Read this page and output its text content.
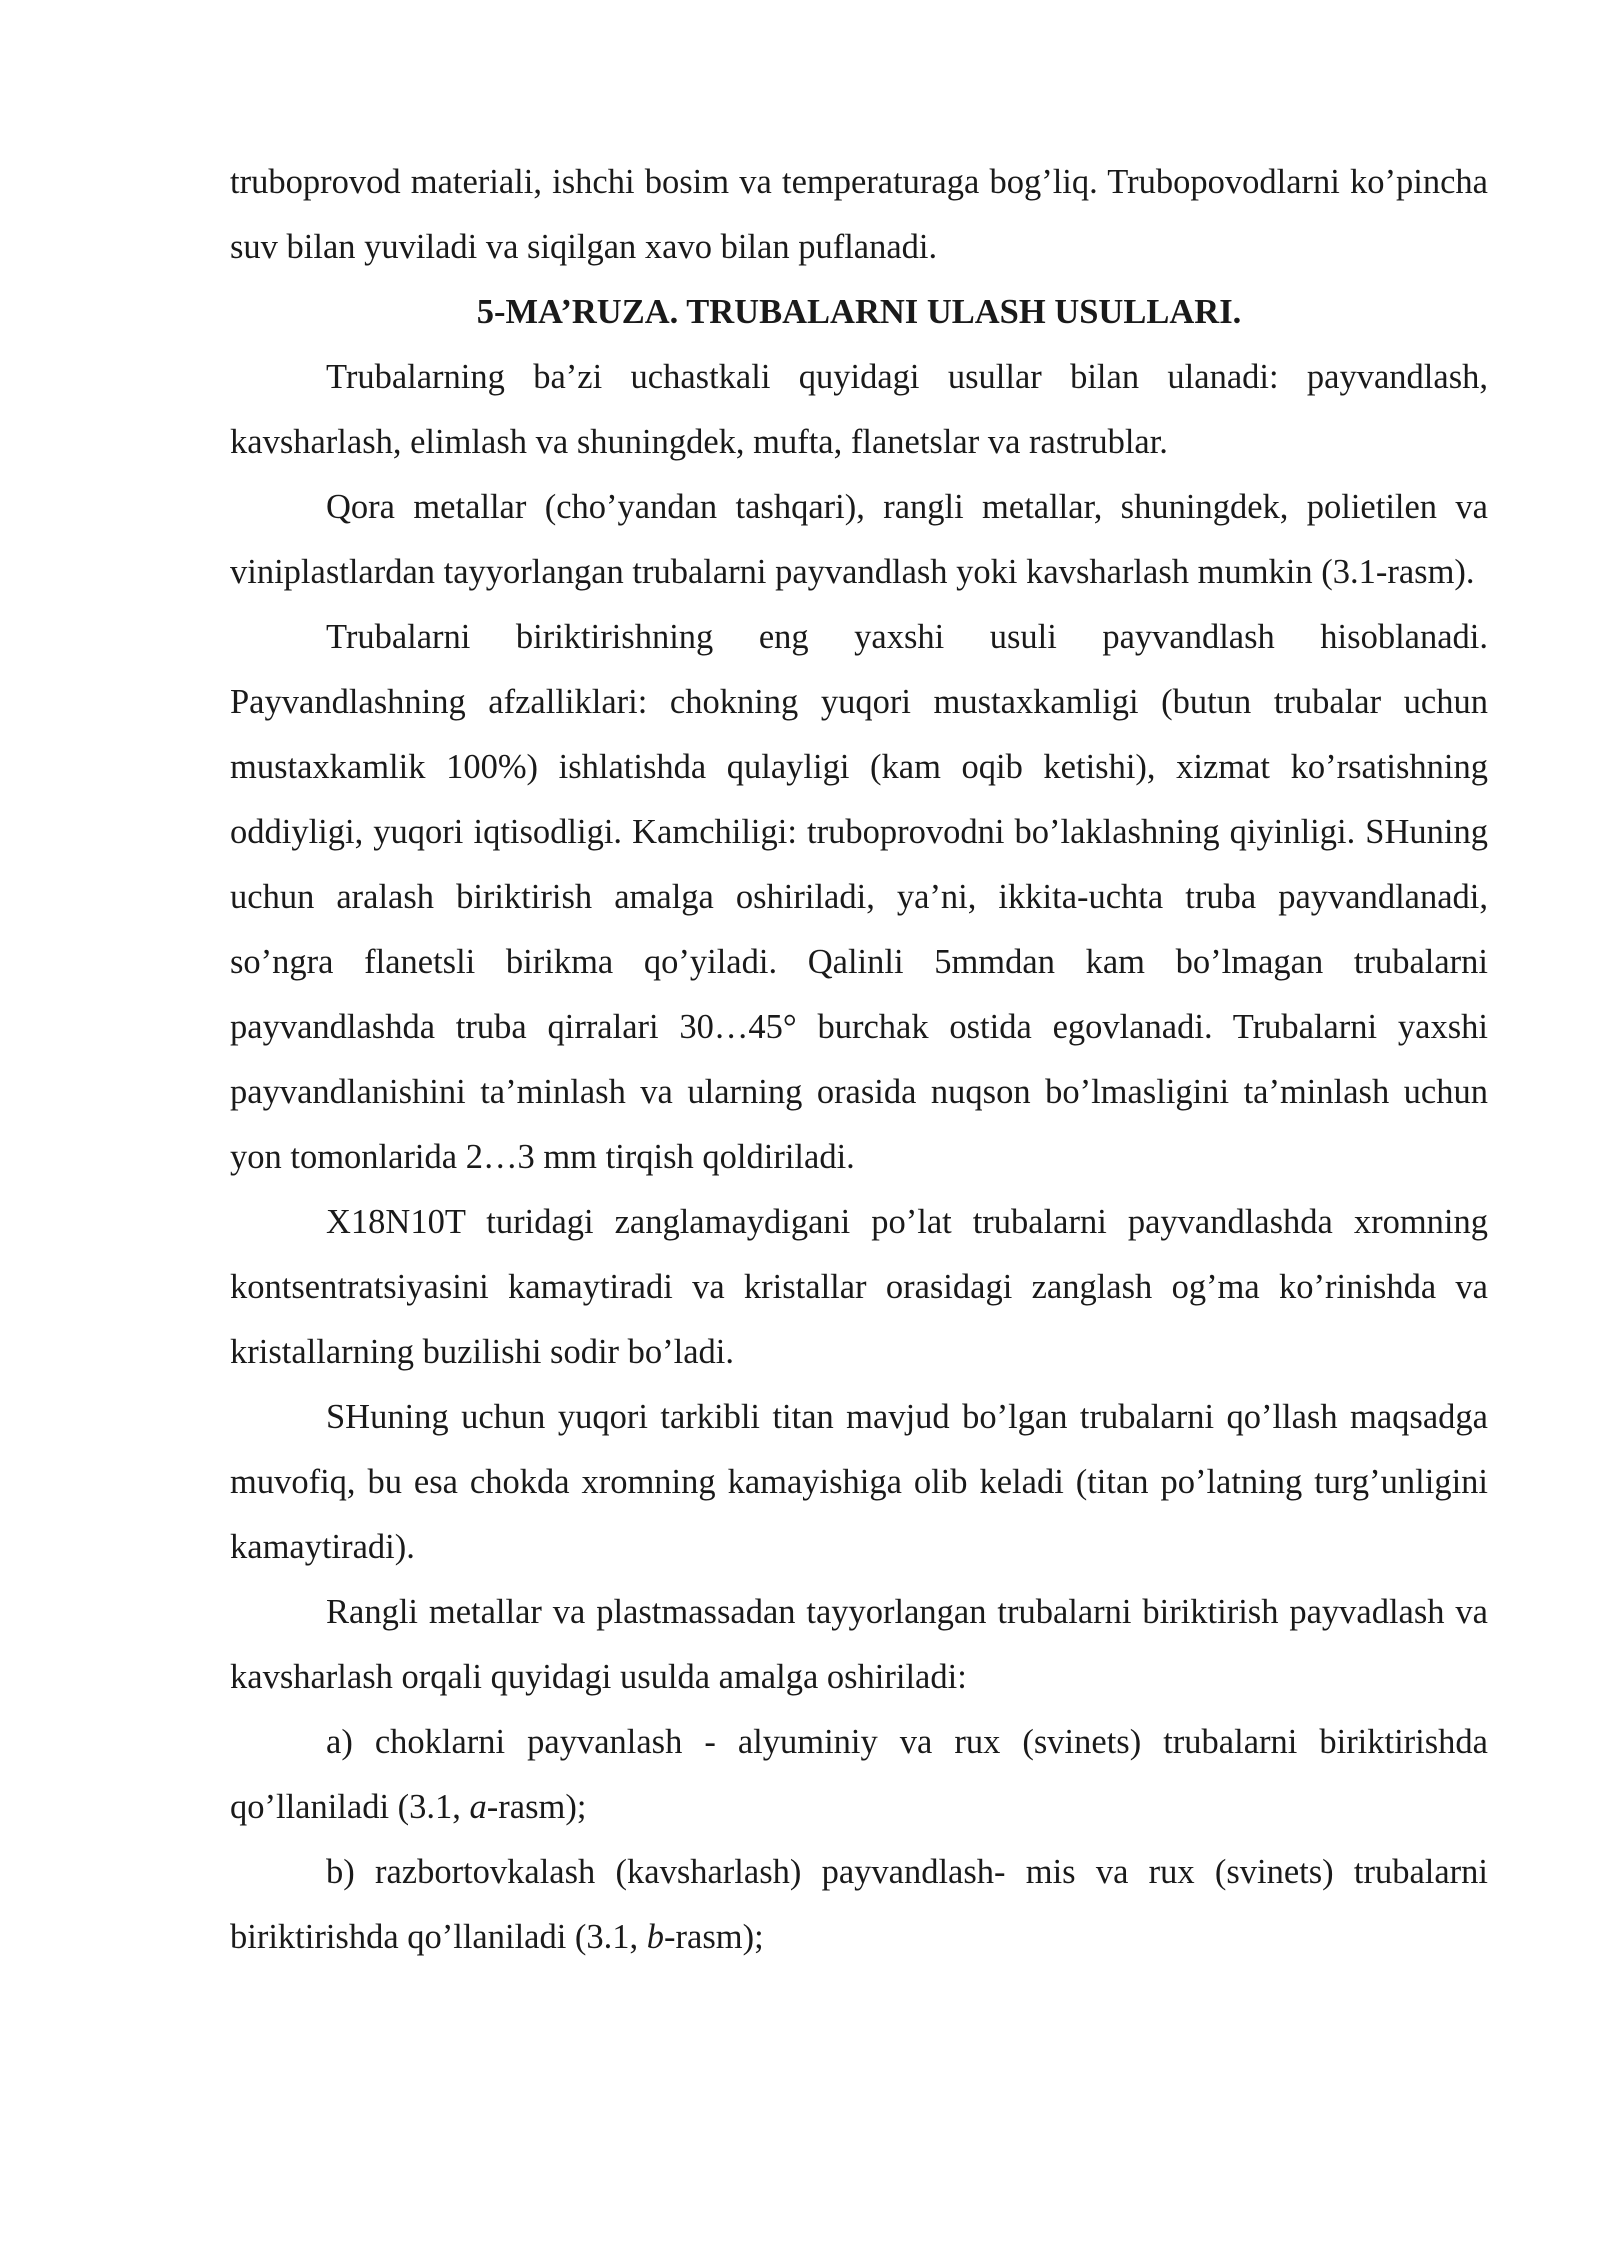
truboprovod materiali, ishchi bosim va temperaturaga bog’liq. Trubopovodlarni ko’pincha suv bilan yuviladi va siqilgan xavo bilan puflanadi.

5-MA’RUZA. TRUBALARNI ULASH USULLARI.

Trubalarning ba’zi uchastkali quyidagi usullar bilan ulanadi: payvandlash, kavsharlash, elimlash va shuningdek, mufta, flanetslar va rastrublar.

Qora metallar (cho’yandan tashqari), rangli metallar, shuningdek, polietilen va viniplastlardan tayyorlangan trubalarni payvandlash yoki kavsharlash mumkin (3.1-rasm).

Trubalarni biriktirishning eng yaxshi usuli payvandlash hisoblanadi. Payvandlashning afzalliklari: chokning yuqori mustaxkamligi (butun trubalar uchun mustaxkamlik 100%) ishlatishda qulayligi (kam oqib ketishi), xizmat ko’rsatishning oddiyligi, yuqori iqtisodligi. Kamchiligi: truboprovodni bo’laklashning qiyinligi. SHuning uchun aralash biriktirish amalga oshiriladi, ya’ni, ikkita-uchta truba payvandlanadi, so’ngra flanetsli birikma qo’yiladi. Qalinli 5mmdan kam bo’lmagan trubalarni payvandlashda truba qirralari 30…45° burchak ostida egovlanadi. Trubalarni yaxshi payvandlanishini ta’minlash va ularning orasida nuqson bo’lmasligini ta’minlash uchun yon tomonlarida 2…3 mm tirqish qoldiriladi.

X18N10T turidagi zanglamaydigani po’lat trubalarni payvandlashda xromning kontsentratsiyasini kamaytiradi va kristallar orasidagi zanglash og’ma ko’rinishda va kristallarning buzilishi sodir bo’ladi.

SHuning uchun yuqori tarkibli titan mavjud bo’lgan trubalarni qo’llash maqsadga muvofiq, bu esa chokda xromning kamayishiga olib keladi (titan po’latning turg’unligini kamaytiradi).

Rangli metallar va plastmassadan tayyorlangan trubalarni biriktirish payvadlash va kavsharlash orqali quyidagi usulda amalga oshiriladi:

a) choklarni payvanlash - alyuminiy va rux (svinets) trubalarni biriktirishda qo’llaniladi (3.1, a-rasm);

b) razbortovkalash (kavsharlash) payvandlash- mis va rux (svinets) trubalarni biriktirishda qo’llaniladi (3.1, b-rasm);
